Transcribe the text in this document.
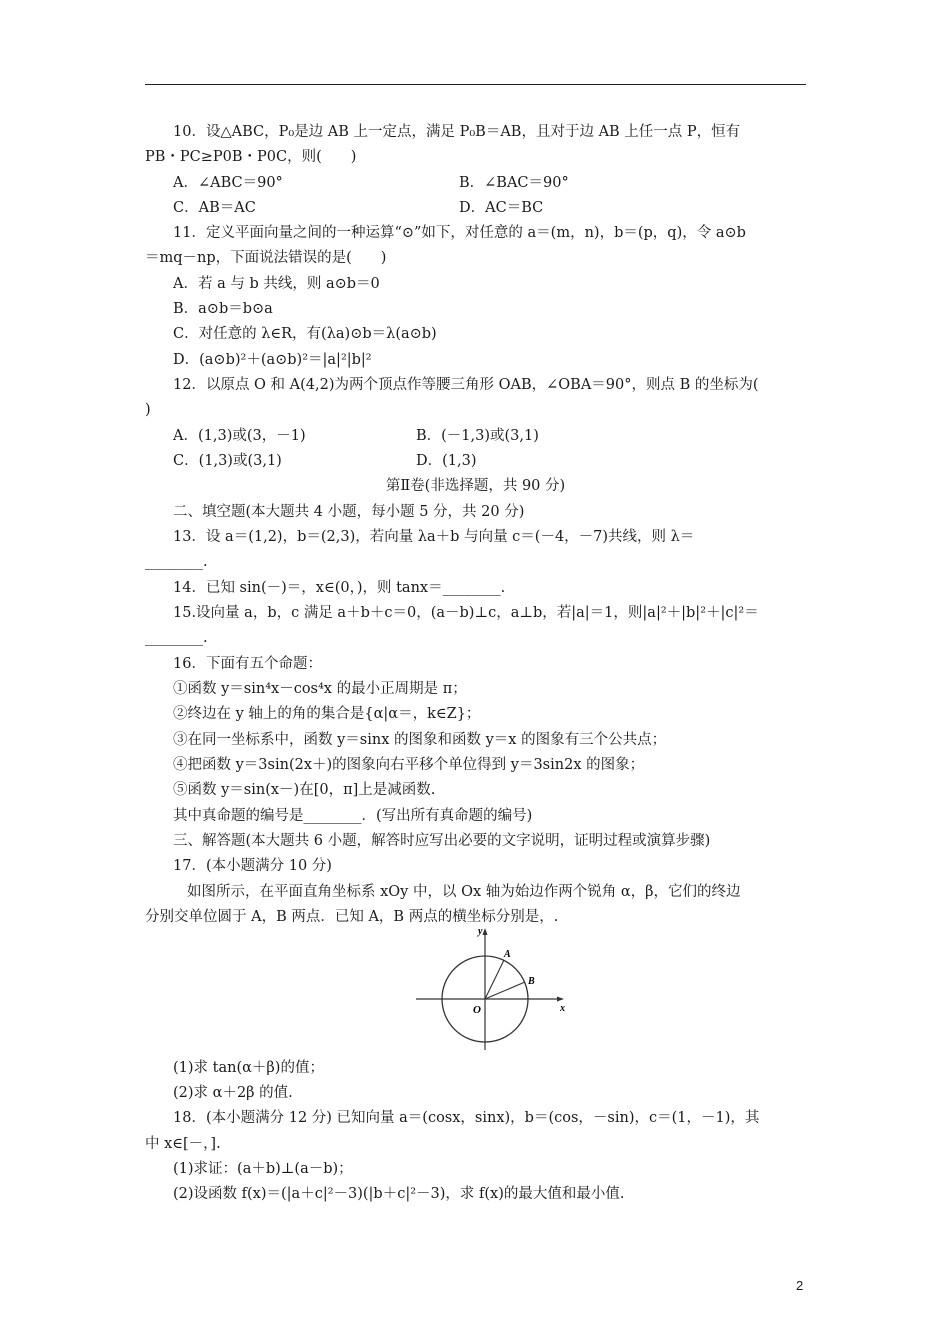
10．设△ABC，P₀是边 AB 上一定点，满足 P₀B＝AB，且对于边 AB 上任一点 P，恒有
PB・PC≥P0B・P0C，则(　　)
A．∠ABC＝90°	B．∠BAC＝90°
C．AB＝AC	D．AC＝BC
11．定义平面向量之间的一种运算“⊙”如下，对任意的 a＝(m，n)，b＝(p，q)，令 a⊙b
＝mq－np，下面说法错误的是(　　)
A．若 a 与 b 共线，则 a⊙b＝0
B．a⊙b＝b⊙a
C．对任意的 λ∈R，有(λa)⊙b＝λ(a⊙b)
D．(a⊙b)²＋(a⊙b)²＝|a|²|b|²
12．以原点 O 和 A(4,2)为两个顶点作等腰三角形 OAB，∠OBA＝90°，则点 B 的坐标为(
)
A．(1,3)或(3，－1)	B．(－1,3)或(3,1)
C．(1,3)或(3,1)	D．(1,3)
第Ⅱ卷(非选择题，共 90 分)
二、填空题(本大题共 4 小题，每小题 5 分，共 20 分)
13．设 a＝(1,2)，b＝(2,3)，若向量 λa＋b 与向量 c＝(－4，－7)共线，则 λ＝
________.
14．已知 sin(－)＝，x∈(0，)，则 tanx＝________.
15.设向量 a，b，c 满足 a＋b＋c＝0，(a－b)⊥c，a⊥b，若|a|＝1，则|a|²＋|b|²＋|c|²＝
________.
16．下面有五个命题：
①函数 y＝sin⁴x－cos⁴x 的最小正周期是 π；
②终边在 y 轴上的角的集合是{α|α＝，k∈Z}；
③在同一坐标系中，函数 y＝sinx 的图象和函数 y＝x 的图象有三个公共点；
④把函数 y＝3sin(2x＋)的图象向右平移个单位得到 y＝3sin2x 的图象；
⑤函数 y＝sin(x－)在[0，π]上是减函数.
其中真命题的编号是________．(写出所有真命题的编号)
三、解答题(本大题共 6 小题，解答时应写出必要的文字说明，证明过程或演算步骤)
17．(本小题满分 10 分)
如图所示，在平面直角坐标系 xOy 中，以 Ox 轴为始边作两个锐角 α，β，它们的终边
分别交单位圆于 A，B 两点．已知 A，B 两点的横坐标分别是，.
y
x
O
A
B
(1)求 tan(α＋β)的值；
(2)求 α＋2β 的值.
18．(本小题满分 12 分) 已知向量 a＝(cosx，sinx)，b＝(cos，－sin)，c＝(1，－1)，其
中 x∈[－，].
(1)求证：(a＋b)⊥(a－b)；
(2)设函数 f(x)＝(|a＋c|²－3)(|b＋c|²－3)，求 f(x)的最大值和最小值.
2
